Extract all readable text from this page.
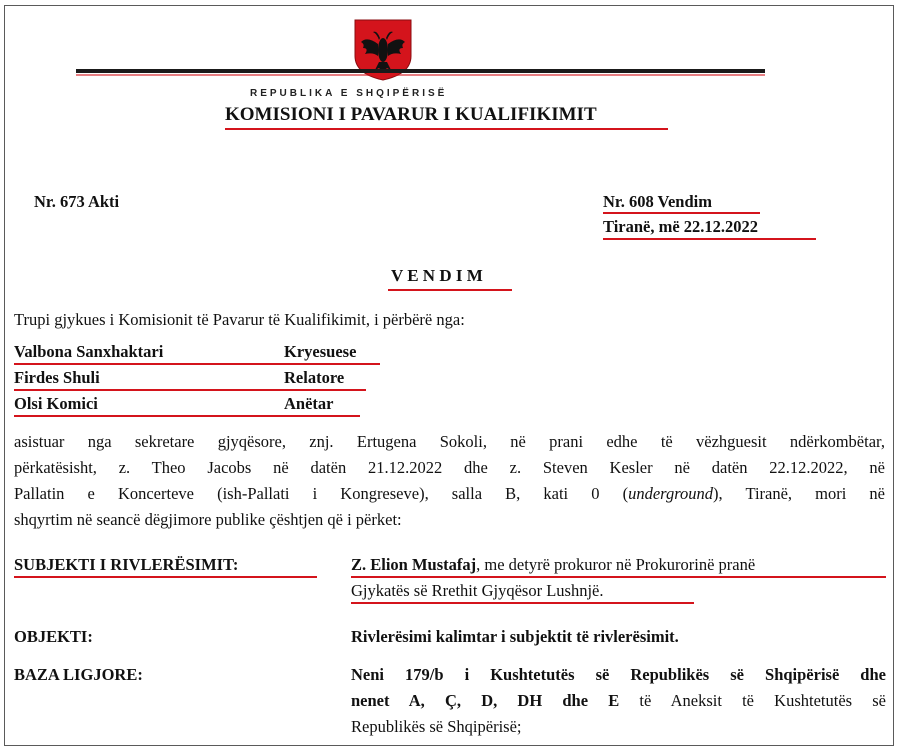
REPUBLIKA E SHQIPËRISË
KOMISIONI I PAVARUR I KUALIFIKIMIT
Nr. 673 Akti	Nr. 608 Vendim
Tiranë, më 22.12.2022
V E N D I M
Trupi gjykues i Komisionit të Pavarur të Kualifikimit, i përbërë nga:
Valbona Sanxhaktari	Kryesuese
Firdes Shuli	Relatore
Olsi Komici	Anëtar
asistuar nga sekretare gjyqësore, znj. Ertugena Sokoli, në prani edhe të vëzhguesit ndërkombëtar,
përkatësisht, z. Theo Jacobs në datën 21.12.2022 dhe z. Steven Kesler në datën 22.12.2022, në
Pallatin e Koncerteve (ish-Pallati i Kongreseve), salla B, kati 0 (underground), Tiranë, mori në
shqyrtim në seancë dëgjimore publike çështjen që i përket:
SUBJEKTI I RIVLERËSIMIT:	Z. Elion Mustafaj, me detyrë prokuror në Prokurorinë pranë
Gjykatës së Rrethit Gjyqësor Lushnjë.
OBJEKTI:	Rivlerësimi kalimtar i subjektit të rivlerësimit.
BAZA LIGJORE:	Neni 179/b i Kushtetutës së Republikës së Shqipërisë dhe
nenet A, Ç, D, DH dhe E të Aneksit të Kushtetutës së
Republikës së Shqipërisë;
